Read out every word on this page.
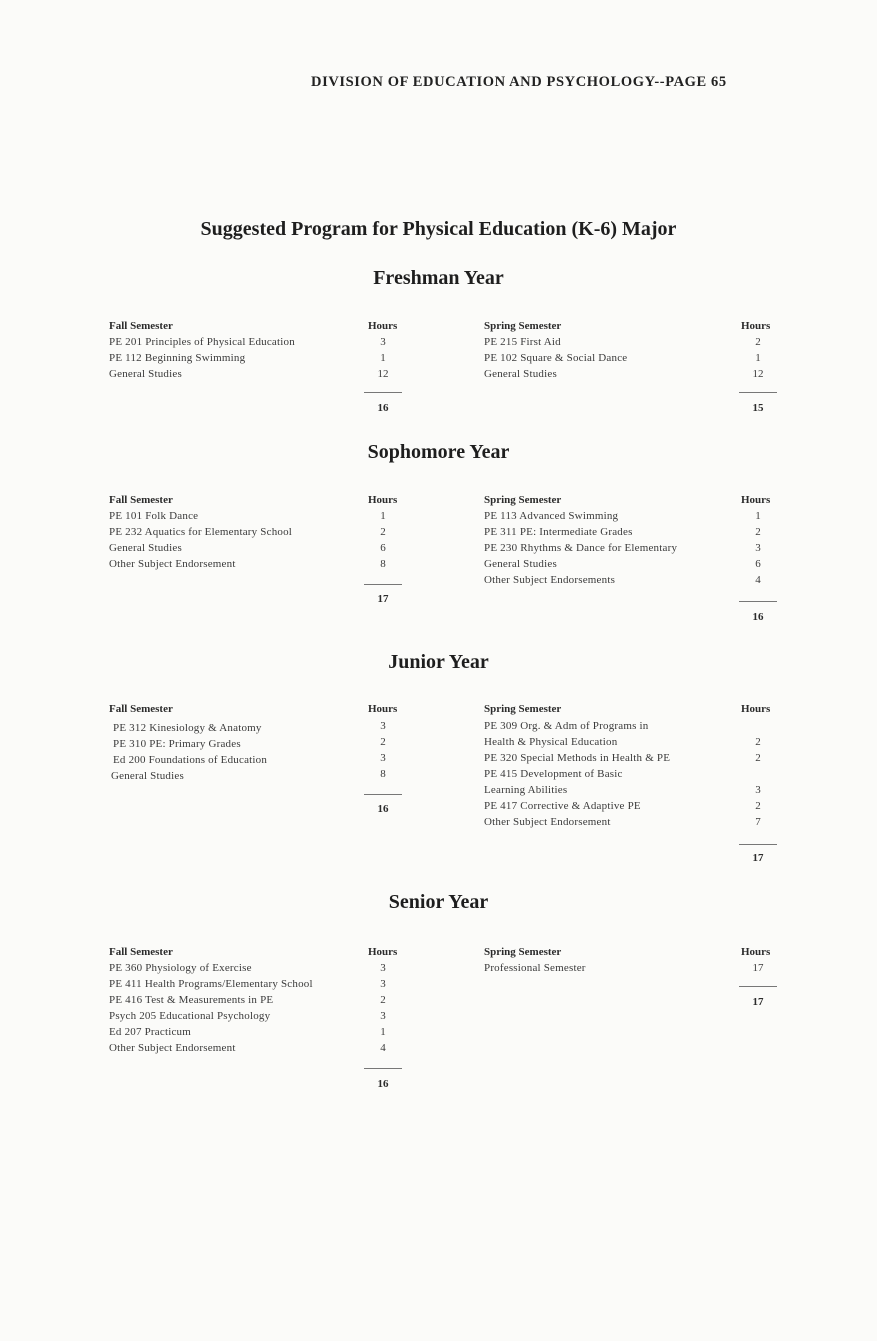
DIVISION OF EDUCATION AND PSYCHOLOGY--PAGE 65
Suggested Program for Physical Education (K-6) Major
Freshman Year
Fall Semester	Hours
PE 201 Principles of Physical Education	3
PE 112 Beginning Swimming	1
General Studies	12
16
Spring Semester	Hours
PE 215 First Aid	2
PE 102 Square & Social Dance	1
General Studies	12
15
Sophomore Year
Fall Semester	Hours
PE 101 Folk Dance	1
PE 232 Aquatics for Elementary School	2
General Studies	6
Other Subject Endorsement	8
17
Spring Semester	Hours
PE 113 Advanced Swimming	1
PE 311 PE: Intermediate Grades	2
PE 230 Rhythms & Dance for Elementary	3
General Studies	6
Other Subject Endorsements	4
16
Junior Year
Fall Semester	Hours
PE 312 Kinesiology & Anatomy	3
PE 310 PE: Primary Grades	2
Ed 200 Foundations of Education	3
General Studies	8
16
Spring Semester	Hours
PE 309 Org. & Adm of Programs in
Health & Physical Education	2
PE 320 Special Methods in Health & PE	2
PE 415 Development of Basic
Learning Abilities	3
PE 417 Corrective & Adaptive PE	2
Other Subject Endorsement	7
17
Senior Year
Fall Semester	Hours
PE 360 Physiology of Exercise	3
PE 411 Health Programs/Elementary School	3
PE 416 Test & Measurements in PE	2
Psych 205 Educational Psychology	3
Ed 207 Practicum	1
Other Subject Endorsement	4
16
Spring Semester	Hours
Professional Semester	17
17
